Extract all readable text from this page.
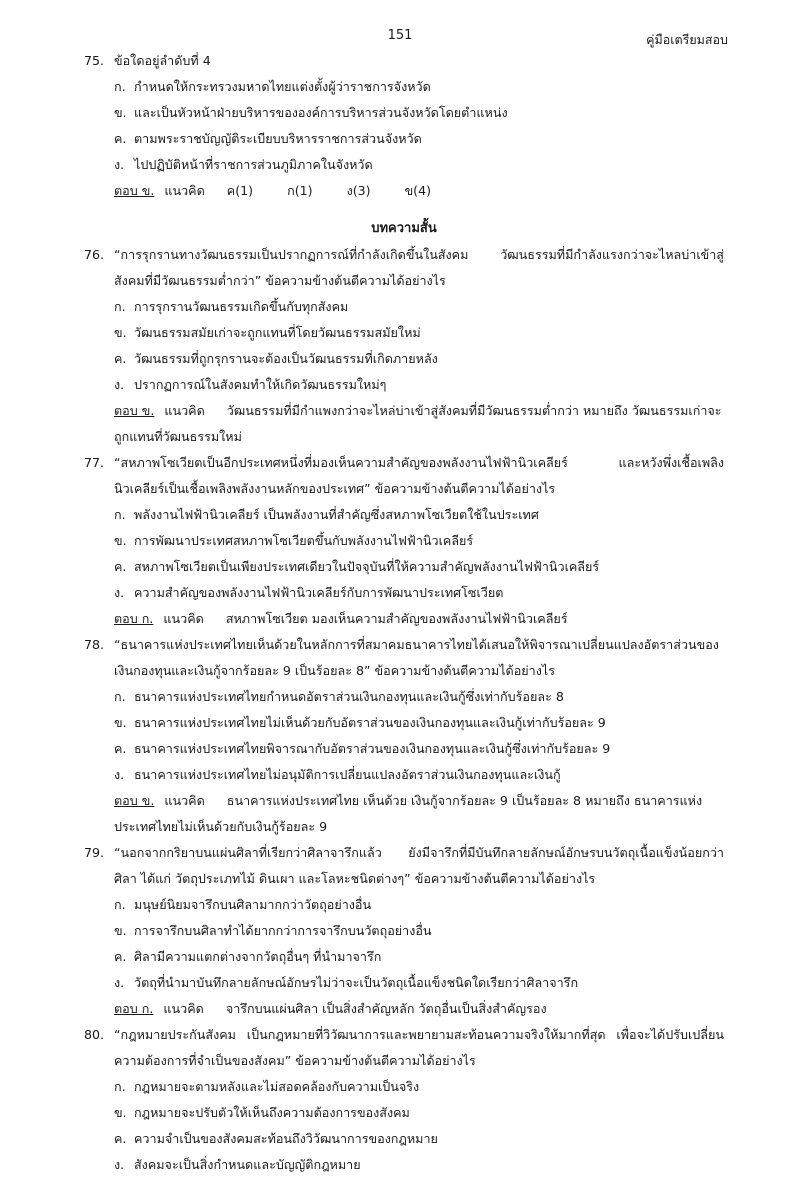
151	คู่มือเตรียมสอบ
75. ข้อใดอยู่ลำดับที่ 4
ก. กำหนดให้กระทรวงมหาดไทยแต่งตั้งผู้ว่าราชการจังหวัด
ข. และเป็นหัวหน้าฝ่ายบริหารขององค์การบริหารส่วนจังหวัดโดยตำแหน่ง
ค. ตามพระราชบัญญัติระเบียบบริหารราชการส่วนจังหวัด
ง. ไปปฏิบัติหน้าที่ราชการส่วนภูมิภาคในจังหวัด
ตอบ ข. แนวคิด ค(1)	ก(1)	ง(3)	ข(4)
บทความสั้น
76. “การรุกรานทางวัฒนธรรมเป็นปรากฏการณ์ที่กำลังเกิดขึ้นในสังคม วัฒนธรรมที่มีกำลังแรงกว่าจะไหลบ่าเข้าสู่สังคมที่มีวัฒนธรรมต่ำกว่า” ข้อความข้างต้นตีความได้อย่างไร
ก. การรุกรานวัฒนธรรมเกิดขึ้นกับทุกสังคม
ข. วัฒนธรรมสมัยเก่าจะถูกแทนที่โดยวัฒนธรรมสมัยใหม่
ค. วัฒนธรรมที่ถูกรุกรานจะต้องเป็นวัฒนธรรมที่เกิดภายหลัง
ง. ปรากฏการณ์ในสังคมทำให้เกิดวัฒนธรรมใหม่ๆ
ตอบ ข. แนวคิด วัฒนธรรมที่มีกำแพงกว่าจะไหล่บ่าเข้าสู่สังคมที่มีวัฒนธรรมต่ำกว่า หมายถึง วัฒนธรรมเก่าจะถูกแทนที่วัฒนธรรมใหม่
77. “สหภาพโซเวียตเป็นอีกประเทศหนึ่งที่มองเห็นความสำคัญของพลังงานไฟฟ้านิวเคลียร์ และหวังพึ่งเชื้อเพลิงนิวเคลียร์เป็นเชื้อเพลิงพลังงานหลักของประเทศ” ข้อความข้างต้นตีความได้อย่างไร
ก. พลังงานไฟฟ้านิวเคลียร์ เป็นพลังงานที่สำคัญซึ่งสหภาพโซเวียตใช้ในประเทศ
ข. การพัฒนาประเทศสหภาพโซเวียตขึ้นกับพลังงานไฟฟ้านิวเคลียร์
ค. สหภาพโซเวียตเป็นเพียงประเทศเดียวในปัจจุบันที่ให้ความสำคัญพลังงานไฟฟ้านิวเคลียร์
ง. ความสำคัญของพลังงานไฟฟ้านิวเคลียร์กับการพัฒนาประเทศโซเวียต
ตอบ ก. แนวคิด สหภาพโซเวียต มองเห็นความสำคัญของพลังงานไฟฟ้านิวเคลียร์
78. “ธนาคารแห่งประเทศไทยเห็นด้วยในหลักการที่สมาคมธนาคารไทยได้เสนอให้พิจารณาเปลี่ยนแปลงอัตราส่วนของเงินกองทุนและเงินกู้จากร้อยละ 9 เป็นร้อยละ 8” ข้อความข้างต้นตีความได้อย่างไร
ก. ธนาคารแห่งประเทศไทยกำหนดอัตราส่วนเงินกองทุนและเงินกู้ซึ่งเท่ากับร้อยละ 8
ข. ธนาคารแห่งประเทศไทยไม่เห็นด้วยกับอัตราส่วนของเงินกองทุนและเงินกู้เท่ากับร้อยละ 9
ค. ธนาคารแห่งประเทศไทยพิจารณากับอัตราส่วนของเงินกองทุนและเงินกู้ซึ่งเท่ากับร้อยละ 9
ง. ธนาคารแห่งประเทศไทยไม่อนุมัติการเปลี่ยนแปลงอัตราส่วนเงินกองทุนและเงินกู้
ตอบ ข. แนวคิด ธนาคารแห่งประเทศไทย เห็นด้วย เงินกู้จากร้อยละ 9 เป็นร้อยละ 8 หมายถึง ธนาคารแห่งประเทศไทยไม่เห็นด้วยกับเงินกู้ร้อยละ 9
79. “นอกจากกริยาบนแผ่นศิลาที่เรียกว่าศิลาจารึกแล้ว ยังมีจารึกที่มีบันทึกลายลักษณ์อักษรบนวัตถุเนื้อแข็งน้อยกว่าศิลา ได้แก่ วัตถุประเภทไม้ ดินเผา และโลหะชนิดต่างๆ” ข้อความข้างต้นตีความได้อย่างไร
ก. มนุษย์นิยมจารึกบนศิลามากกว่าวัตถุอย่างอื่น
ข. การจารึกบนศิลาทำได้ยากกว่าการจารึกบนวัตถุอย่างอื่น
ค. ศิลามีความแตกต่างจากวัตถุอื่นๆ ที่นำมาจารึก
ง. วัตถุที่นำมาบันทึกลายลักษณ์อักษรไม่ว่าจะเป็นวัตถุเนื้อแข็งชนิดใดเรียกว่าศิลาจารึก
ตอบ ก. แนวคิด จารึกบนแผ่นศิลา เป็นสิ่งสำคัญหลัก วัตถุอื่นเป็นสิ่งสำคัญรอง
80. “กฎหมายประกันสังคม เป็นกฎหมายที่วิวัฒนาการและพยายามสะท้อนความจริงให้มากที่สุด เพื่อจะได้ปรับเปลี่ยนความต้องการที่จำเป็นของสังคม” ข้อความข้างต้นตีความได้อย่างไร
ก. กฎหมายจะตามหลังและไม่สอดคล้องกับความเป็นจริง
ข. กฎหมายจะปรับตัวให้เห็นถึงความต้องการของสังคม
ค. ความจำเป็นของสังคมสะท้อนถึงวิวัฒนาการของกฎหมาย
ง. สังคมจะเป็นสิ่งกำหนดและบัญญัติกฎหมาย
